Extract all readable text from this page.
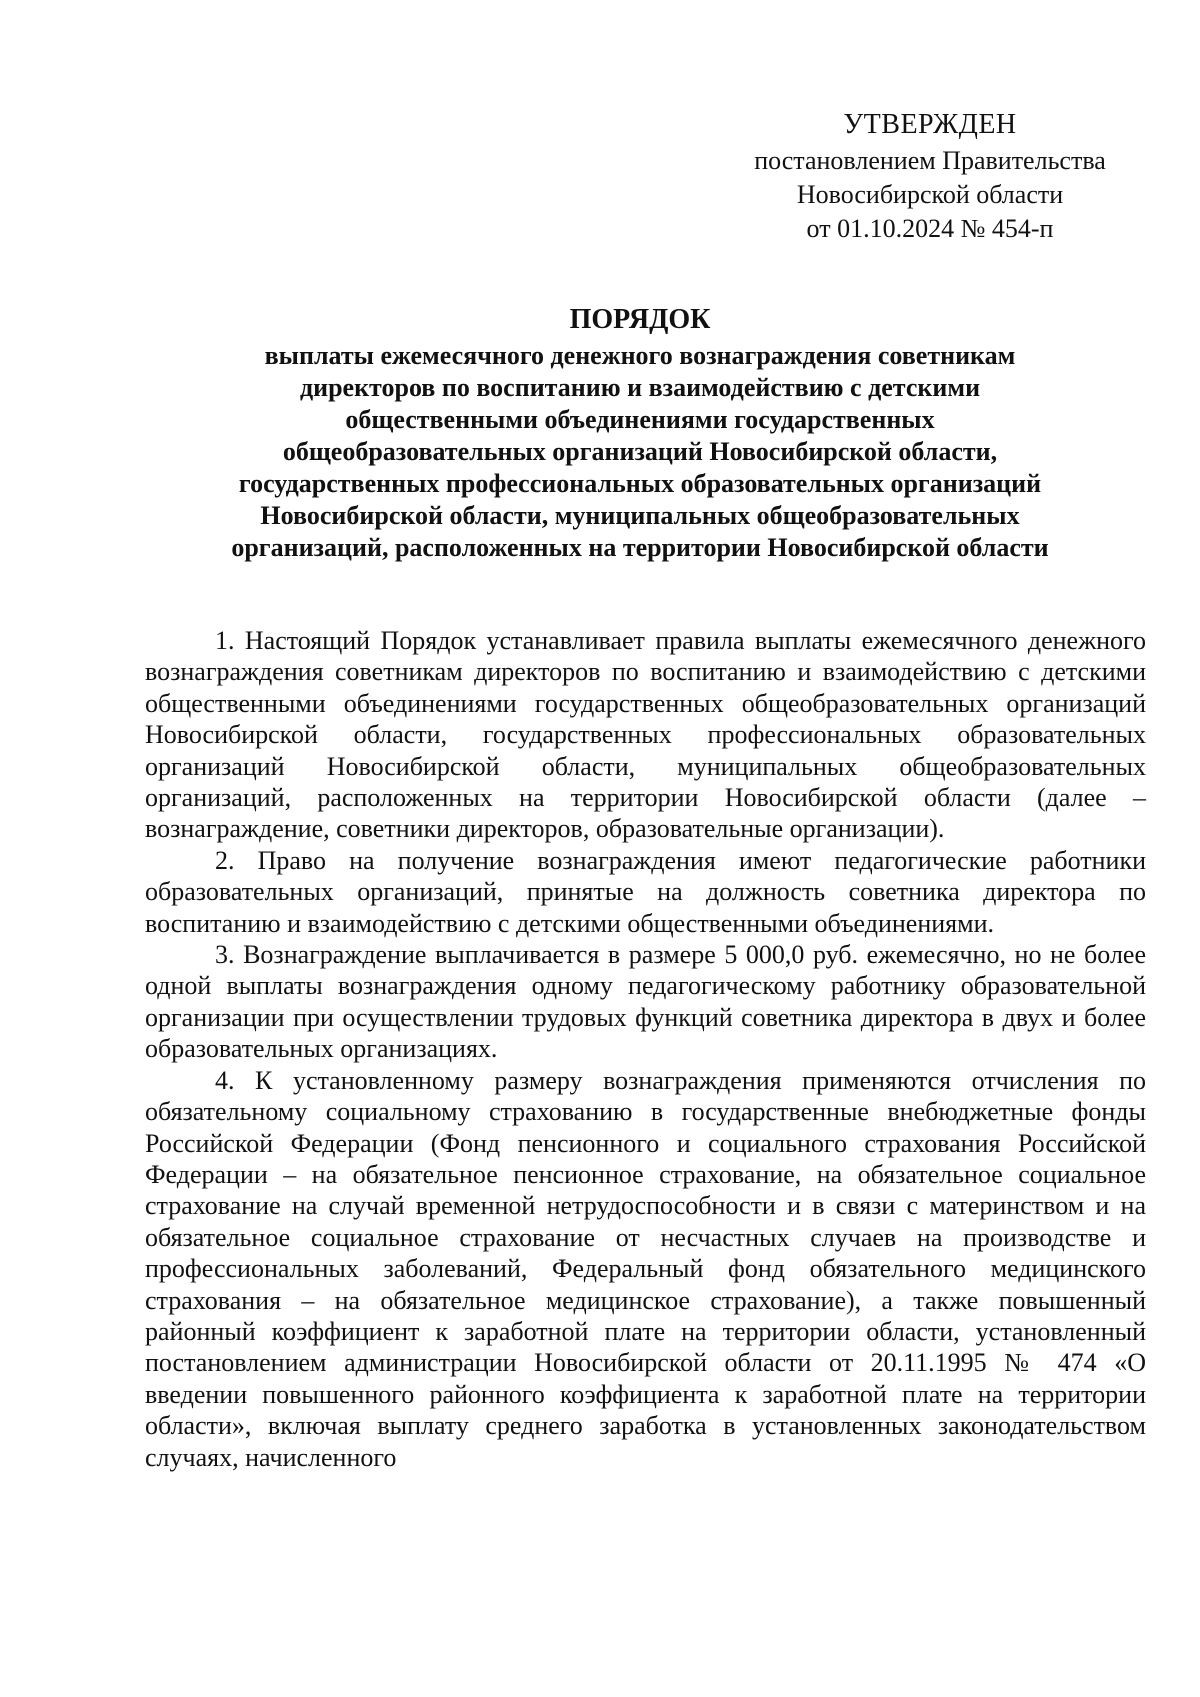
УТВЕРЖДЕН
постановлением Правительства
Новосибирской области
от 01.10.2024 № 454-п
ПОРЯДОК
выплаты ежемесячного денежного вознаграждения советникам
директоров по воспитанию и взаимодействию с детскими
общественными объединениями государственных
общеобразовательных организаций Новосибирской области,
государственных профессиональных образовательных организаций
Новосибирской области, муниципальных общеобразовательных
организаций, расположенных на территории Новосибирской области

1. Настоящий Порядок устанавливает правила выплаты ежемесячного денежного вознаграждения советникам директоров по воспитанию и взаимодействию с детскими общественными объединениями государственных общеобразовательных организаций Новосибирской области, государственных профессиональных образовательных организаций Новосибирской области, муниципальных общеобразовательных организаций, расположенных на территории Новосибирской области (далее – вознаграждение, советники директоров, образовательные организации).

2. Право на получение вознаграждения имеют педагогические работники образовательных организаций, принятые на должность советника директора по воспитанию и взаимодействию с детскими общественными объединениями.

3. Вознаграждение выплачивается в размере 5 000,0 руб. ежемесячно, но не более одной выплаты вознаграждения одному педагогическому работнику образовательной организации при осуществлении трудовых функций советника директора в двух и более образовательных организациях.

4. К установленному размеру вознаграждения применяются отчисления по обязательному социальному страхованию в государственные внебюджетные фонды Российской Федерации (Фонд пенсионного и социального страхования Российской Федерации – на обязательное пенсионное страхование, на обязательное социальное страхование на случай временной нетрудоспособности и в связи с материнством и на обязательное социальное страхование от несчастных случаев на производстве и профессиональных заболеваний, Федеральный фонд обязательного медицинского страхования – на обязательное медицинское страхование), а также повышенный районный коэффициент к заработной плате на территории области, установленный постановлением администрации Новосибирской области от 20.11.1995 № 474 «О введении повышенного районного коэффициента к заработной плате на территории области», включая выплату среднего заработка в установленных законодательством случаях, начисленного
